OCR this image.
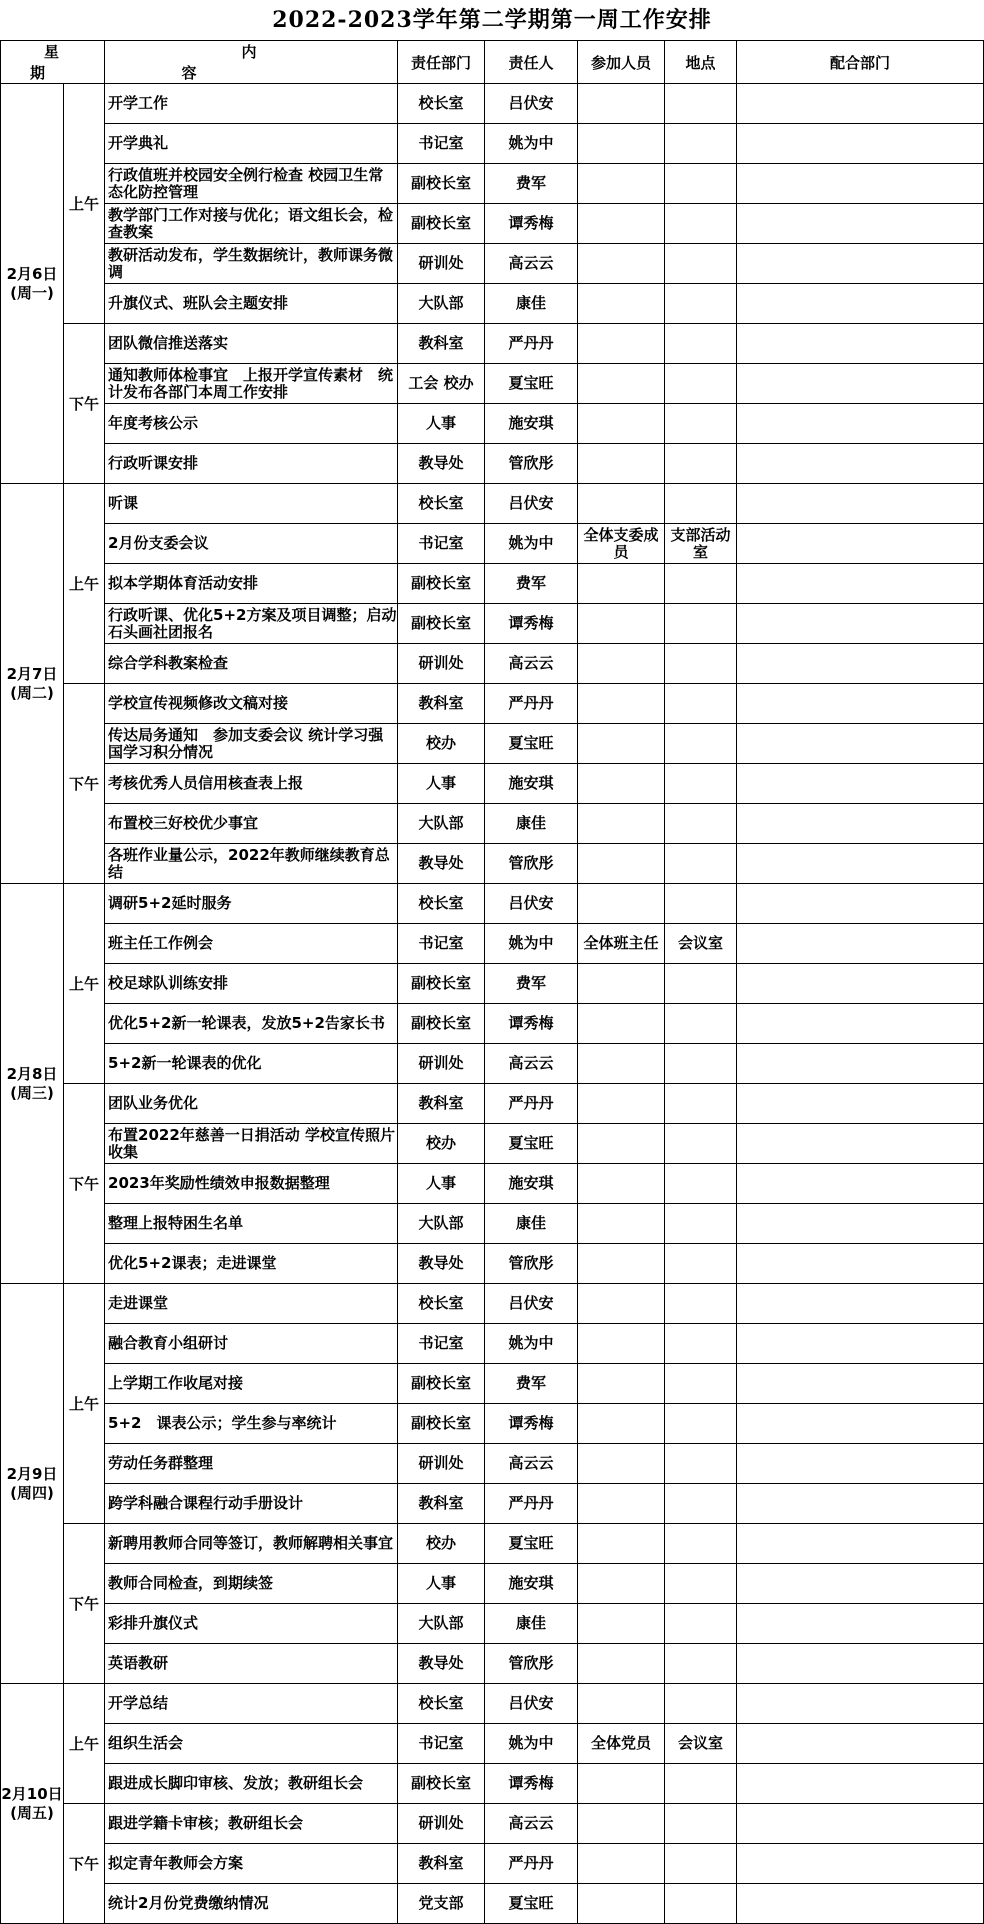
2022-2023学年第二学期第一周工作安排
星期		内容	责任部门	责任人	参加人员	地点	配合部门

2月6日
(周一)	上午	开学工作	校长室	吕伏安			
		开学典礼	书记室	姚为中			
		行政值班并校园安全例行检查 校园卫生常态化防控管理	副校长室	费军			
		教学部门工作对接与优化；语文组长会，检查教案	副校长室	谭秀梅			
		教研活动发布，学生数据统计，教师课务微调	研训处	高云云			
		升旗仪式、班队会主题安排	大队部	康佳			
	下午	团队微信推送落实	教科室	严丹丹			
		通知教师体检事宜　上报开学宣传素材　统计发布各部门本周工作安排	工会 校办	夏宝旺			
		年度考核公示	人事	施安琪			
		行政听课安排	教导处	管欣彤			

2月7日
(周二)	上午	听课	校长室	吕伏安			
		2月份支委会议	书记室	姚为中	全体支委成员	支部活动室	
		拟本学期体育活动安排	副校长室	费军			
		行政听课、优化5+2方案及项目调整；启动石头画社团报名	副校长室	谭秀梅			
		综合学科教案检查	研训处	高云云			
	下午	学校宣传视频修改文稿对接	教科室	严丹丹			
		传达局务通知　参加支委会议 统计学习强国学习积分情况	校办	夏宝旺			
		考核优秀人员信用核查表上报	人事	施安琪			
		布置校三好校优少事宜	大队部	康佳			
		各班作业量公示，2022年教师继续教育总结	教导处	管欣彤			

2月8日
(周三)	上午	调研5+2延时服务	校长室	吕伏安			
		班主任工作例会	书记室	姚为中	全体班主任	会议室	
		校足球队训练安排	副校长室	费军			
		优化5+2新一轮课表，发放5+2告家长书	副校长室	谭秀梅			
		5+2新一轮课表的优化	研训处	高云云			
	下午	团队业务优化	教科室	严丹丹			
		布置2022年慈善一日捐活动 学校宣传照片收集	校办	夏宝旺			
		2023年奖励性绩效申报数据整理	人事	施安琪			
		整理上报特困生名单	大队部	康佳			
		优化5+2课表；走进课堂	教导处	管欣彤			

2月9日
(周四)	上午	走进课堂	校长室	吕伏安			
		融合教育小组研讨	书记室	姚为中			
		上学期工作收尾对接	副校长室	费军			
		5+2　课表公示；学生参与率统计	副校长室	谭秀梅			
		劳动任务群整理	研训处	高云云			
		跨学科融合课程行动手册设计	教科室	严丹丹			
	下午	新聘用教师合同等签订，教师解聘相关事宜	校办	夏宝旺			
		教师合同检查，到期续签	人事	施安琪			
		彩排升旗仪式	大队部	康佳			
		英语教研	教导处	管欣彤			

2月10日
(周五)	上午	开学总结	校长室	吕伏安			
		组织生活会	书记室	姚为中	全体党员	会议室	
		跟进成长脚印审核、发放；教研组长会	副校长室	谭秀梅			
	下午	跟进学籍卡审核；教研组长会	研训处	高云云			
		拟定青年教师会方案	教科室	严丹丹			
		统计2月份党费缴纳情况	党支部	夏宝旺			
